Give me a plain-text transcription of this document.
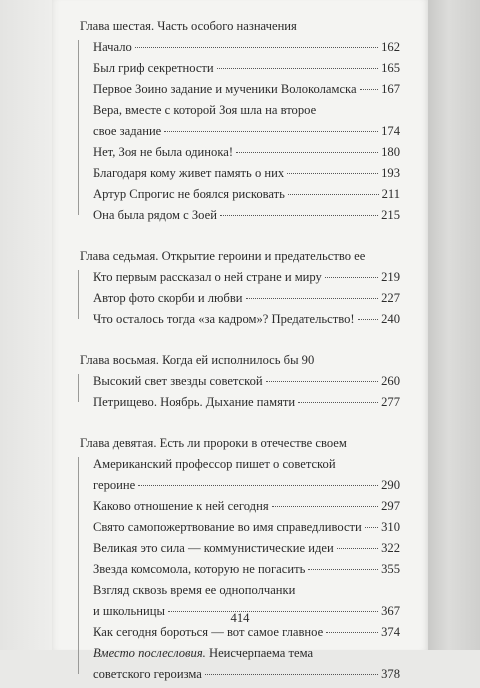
Глава шестая. Часть особого назначения
Начало	162
Был гриф секретности	165
Первое Зоино задание и мученики Волоколамска 167
Вера, вместе с которой Зоя шла на второе
свое задание	174
Нет, Зоя не была одинока!	180
Благодаря кому живет память о них	193
Артур Спрогис не боялся рисковать	211
Она была рядом с Зоей	215
Глава седьмая. Открытие героини и предательство ее
Кто первым рассказал о ней стране и миру	219
Автор фото скорби и любви	227
Что осталось тогда «за кадром»? Предательство! 240
Глава восьмая. Когда ей исполнилось бы 90
Высокий свет звезды советской	260
Петрищево. Ноябрь. Дыхание памяти	277
Глава девятая. Есть ли пророки в отечестве своем
Американский профессор пишет о советской
героине	290
Каково отношение к ней сегодня	297
Свято самопожертвование во имя справедливости 310
Великая это сила — коммунистические идеи	322
Звезда комсомола, которую не погасить	355
Взгляд сквозь время ее однополчанки
и школьницы	367
Как сегодня бороться — вот самое главное	374
Вместо послесловия. Неисчерпаема тема
советского героизма	378
414
